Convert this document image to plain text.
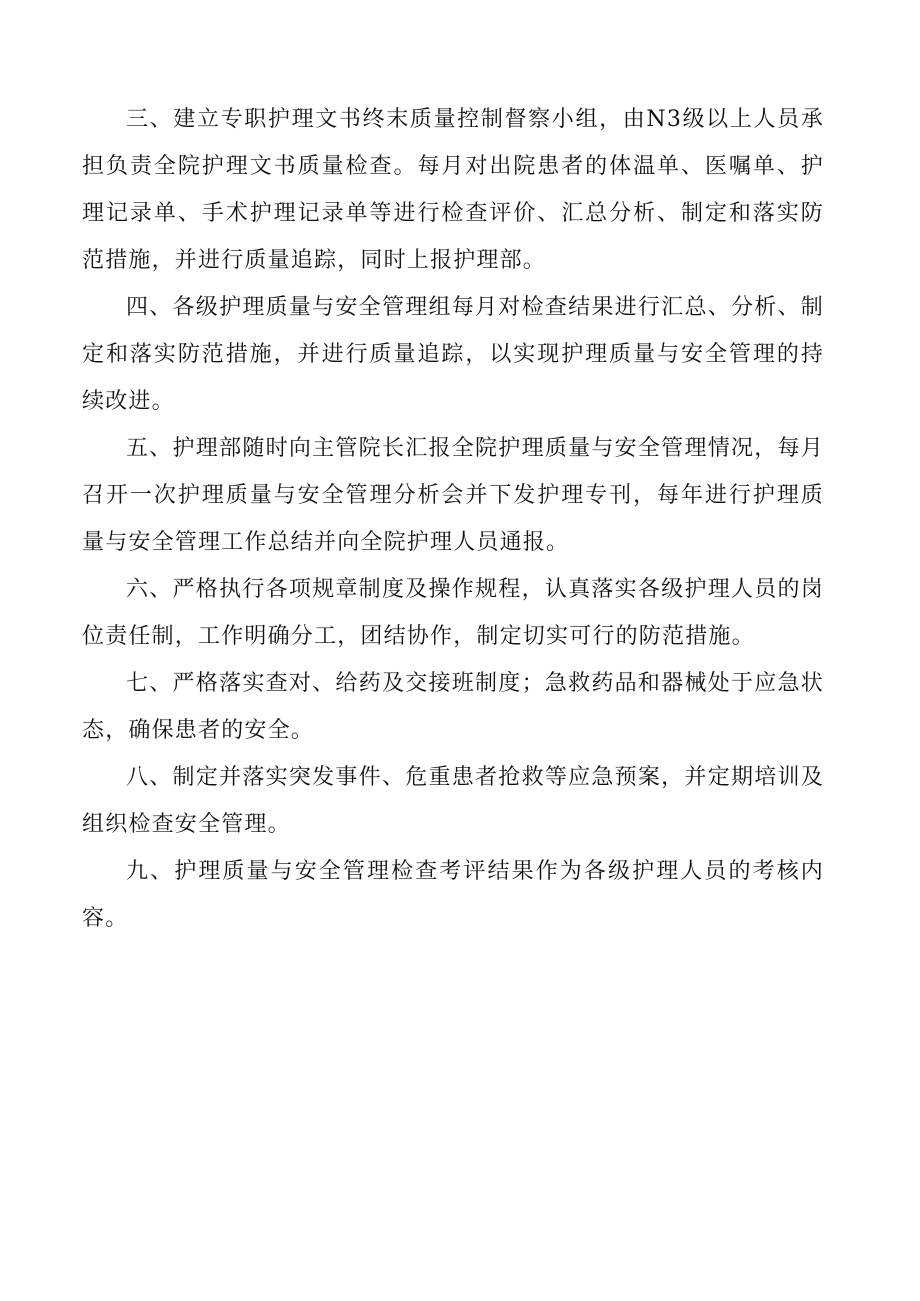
三、建立专职护理文书终末质量控制督察小组，由N3级以上人员承担负责全院护理文书质量检查。每月对出院患者的体温单、医嘱单、护理记录单、手术护理记录单等进行检查评价、汇总分析、制定和落实防范措施，并进行质量追踪，同时上报护理部。

四、各级护理质量与安全管理组每月对检查结果进行汇总、分析、制定和落实防范措施，并进行质量追踪，以实现护理质量与安全管理的持续改进。

五、护理部随时向主管院长汇报全院护理质量与安全管理情况，每月召开一次护理质量与安全管理分析会并下发护理专刊，每年进行护理质量与安全管理工作总结并向全院护理人员通报。

六、严格执行各项规章制度及操作规程，认真落实各级护理人员的岗位责任制，工作明确分工，团结协作，制定切实可行的防范措施。

七、严格落实查对、给药及交接班制度；急救药品和器械处于应急状态，确保患者的安全。

八、制定并落实突发事件、危重患者抢救等应急预案，并定期培训及组织检查安全管理。

九、护理质量与安全管理检查考评结果作为各级护理人员的考核内容。
